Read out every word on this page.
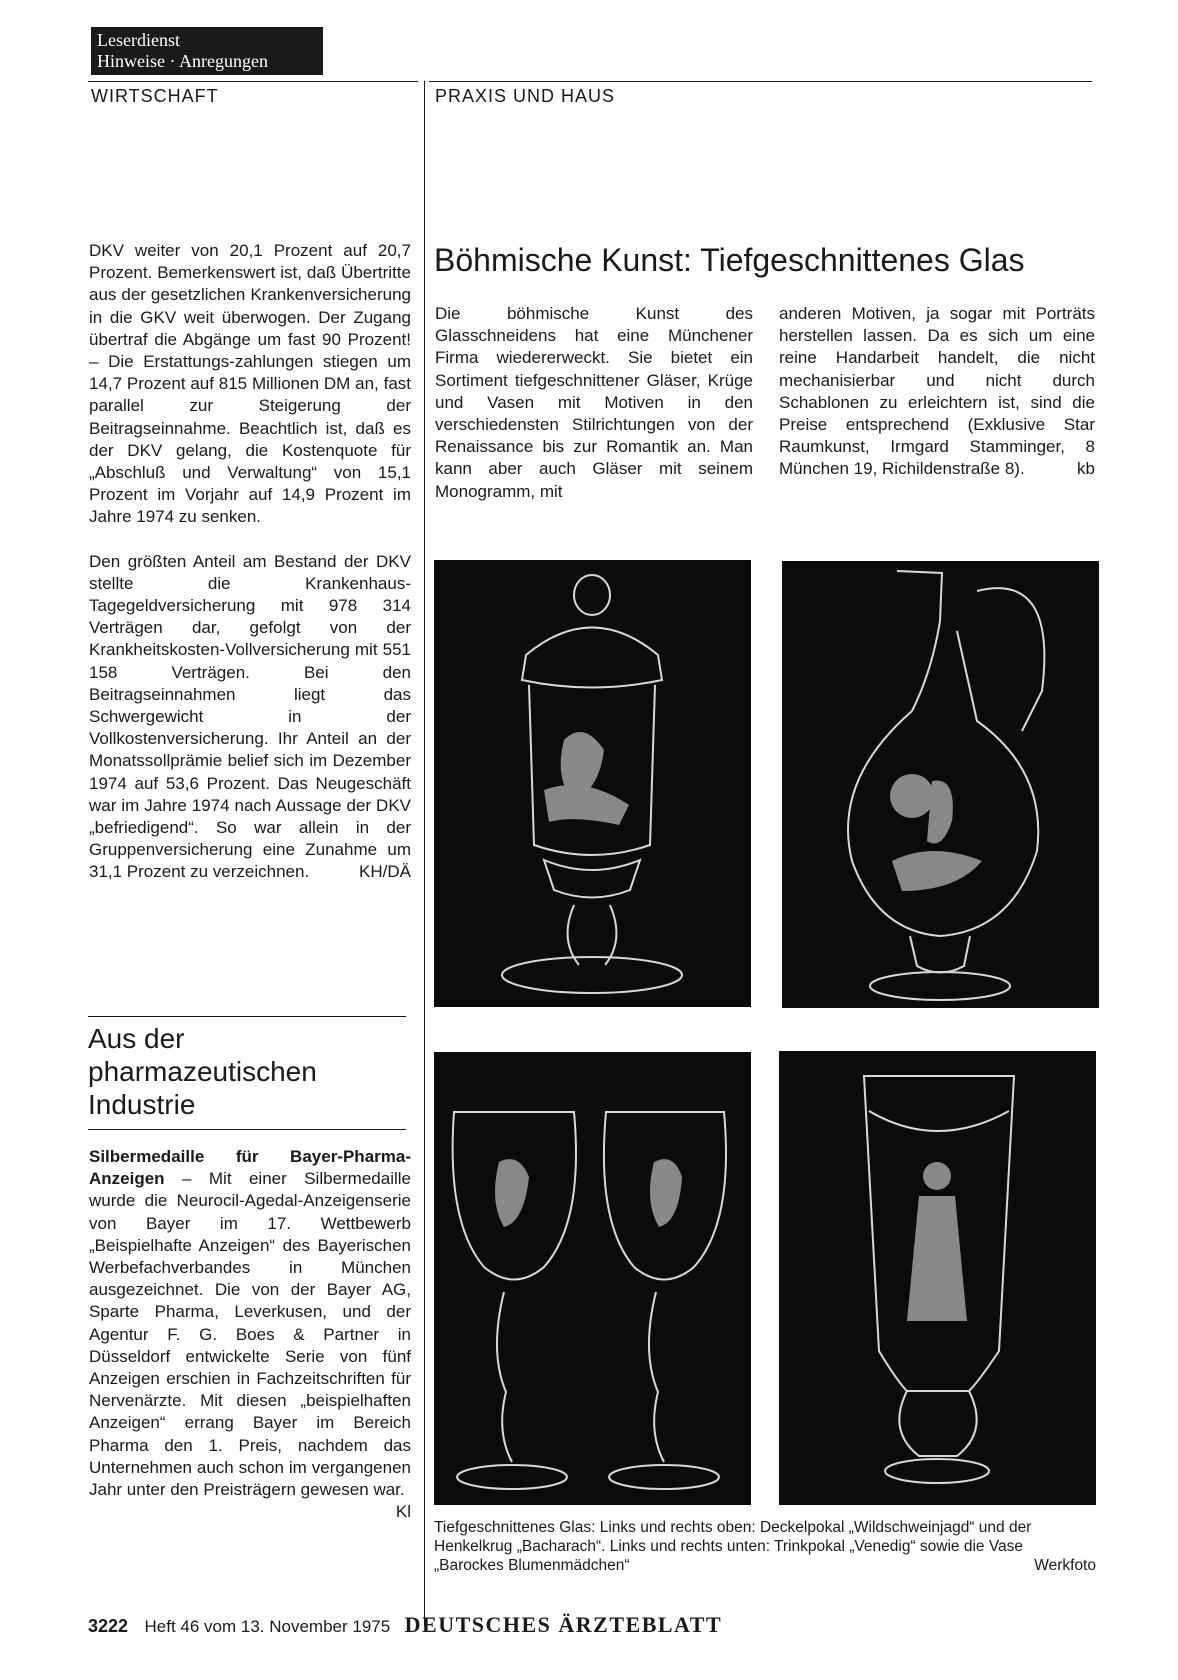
Leserdienst
Hinweise · Anregungen
WIRTSCHAFT	PRAXIS UND HAUS

DKV weiter von 20,1 Prozent auf 20,7 Prozent. Bemerkenswert ist, daß Übertritte aus der gesetzlichen Krankenversicherung in die GKV weit überwogen. Der Zugang übertraf die Abgänge um fast 90 Prozent! – Die Erstattungs-zahlungen stiegen um 14,7 Prozent auf 815 Millionen DM an, fast parallel zur Steigerung der Beitragseinnahme. Beachtlich ist, daß es der DKV gelang, die Kostenquote für „Abschluß und Verwaltung“ von 15,1 Prozent im Vorjahr auf 14,9 Prozent im Jahre 1974 zu senken.

Den größten Anteil am Bestand der DKV stellte die Krankenhaus-Tagegeldversicherung mit 978 314 Verträgen dar, gefolgt von der Krankheitskosten-Vollversicherung mit 551 158 Verträgen. Bei den Beitragseinnahmen liegt das Schwergewicht in der Vollkostenversicherung. Ihr Anteil an der Monatssollprämie belief sich im Dezember 1974 auf 53,6 Prozent. Das Neugeschäft war im Jahre 1974 nach Aussage der DKV „befriedigend“. So war allein in der Gruppenversicherung eine Zunahme um 31,1 Prozent zu verzeichnen.	KH/DÄ

Aus der pharmazeutischen Industrie

Silbermedaille für Bayer-Pharma-Anzeigen – Mit einer Silbermedaille wurde die Neurocil-Agedal-Anzeigenserie von Bayer im 17. Wettbewerb „Beispielhafte Anzeigen“ des Bayerischen Werbefachverbandes in München ausgezeichnet. Die von der Bayer AG, Sparte Pharma, Leverkusen, und der Agentur F. G. Boes & Partner in Düsseldorf entwickelte Serie von fünf Anzeigen erschien in Fachzeitschriften für Nervenärzte. Mit diesen „beispielhaften Anzeigen“ errang Bayer im Bereich Pharma den 1. Preis, nachdem das Unternehmen auch schon im vergangenen Jahr unter den Preisträgern gewesen war.
Kl

Böhmische Kunst: Tiefgeschnittenes Glas

Die böhmische Kunst des Glasschneidens hat eine Münchener Firma wiedererweckt. Sie bietet ein Sortiment tiefgeschnittener Gläser, Krüge und Vasen mit Motiven in den verschiedensten Stilrichtungen von der Renaissance bis zur Romantik an. Man kann aber auch Gläser mit seinem Monogramm, mit

anderen Motiven, ja sogar mit Porträts herstellen lassen. Da es sich um eine reine Handarbeit handelt, die nicht mechanisierbar und nicht durch Schablonen zu erleichtern ist, sind die Preise entsprechend (Exklusive Star Raumkunst, Irmgard Stamminger, 8 München 19, Richildenstraße 8).	kb

Tiefgeschnittenes Glas: Links und rechts oben: Deckelpokal „Wildschweinjagd“ und der Henkelkrug „Bacharach“. Links und rechts unten: Trinkpokal „Venedig“ sowie die Vase „Barockes Blumenmädchen“	Werkfoto
3222 Heft 46 vom 13. November 1975 DEUTSCHES ÄRZTEBLATT
